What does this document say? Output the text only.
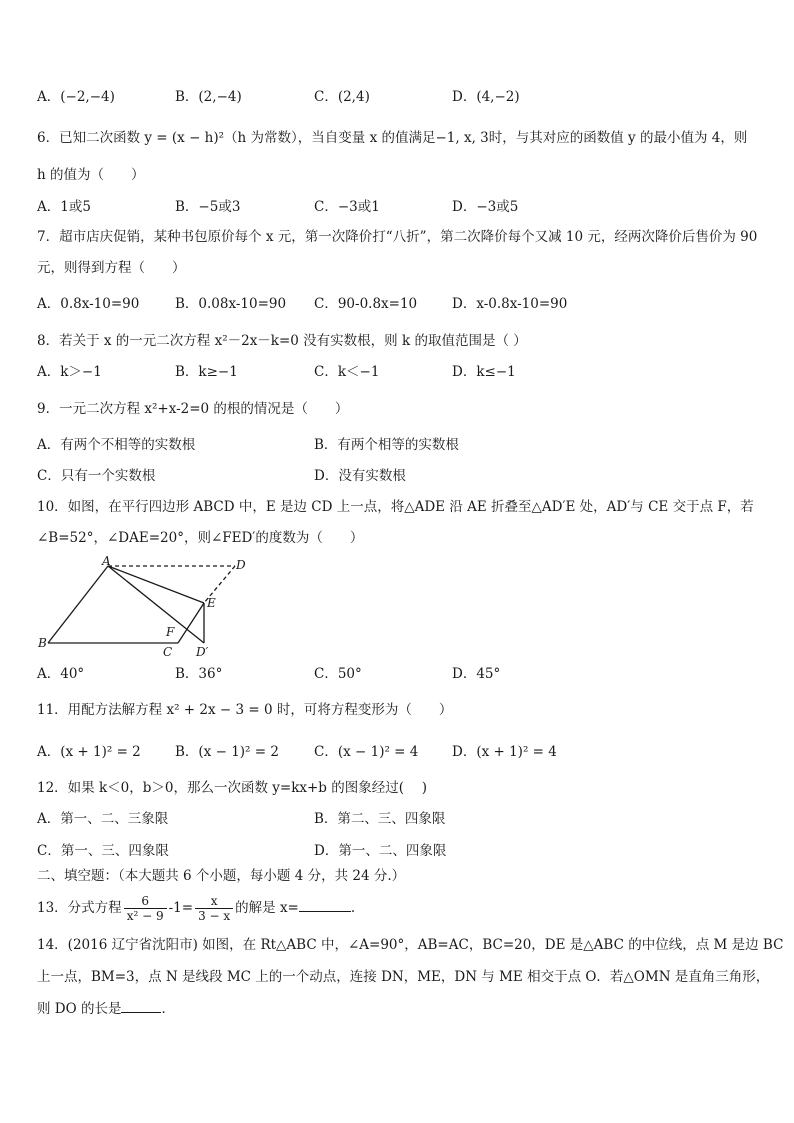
A．(−2,−4)	B．(2,−4)	C．(2,4)	D．(4,−2)
6．已知二次函数 y = (x − h)²（h 为常数），当自变量 x 的值满足−1, x, 3时，与其对应的函数值 y 的最小值为 4，则
h 的值为（　　）
A．1或5	B．−5或3	C．−3或1	D．−3或5
7．超市店庆促销，某种书包原价每个 x 元，第一次降价打“八折”，第二次降价每个又减 10 元，经两次降价后售价为 90
元，则得到方程（　　）
A．0.8x-10=90	B．0.08x-10=90 C．90-0.8x=10	D．x-0.8x-10=90
8．若关于 x 的一元二次方程 x²－2x－k=0 没有实数根，则 k 的取值范围是（ ）
A．k＞−1	B．k≥−1	C．k＜−1	D．k≤−1
9．一元二次方程 x²+x-2=0 的根的情况是（　　）
A．有两个不相等的实数根	B．有两个相等的实数根
C．只有一个实数根	D．没有实数根
10．如图，在平行四边形 ABCD 中，E 是边 CD 上一点，将△ADE 沿 AE 折叠至△AD′E 处，AD′与 CE 交于点 F，若
∠B=52°，∠DAE=20°，则∠FED′的度数为（　　）
A
B
C
D
E
F
D′
A．40°	B．36°	C．50°	D．45°
11．用配方法解方程 x² + 2x − 3 = 0 时，可将方程变形为（　　）
A．(x + 1)² = 2	B．(x − 1)² = 2	C．(x − 1)² = 4 D．(x + 1)² = 4
12．如果 k＜0，b＞0，那么一次函数 y=kx+b 的图象经过(　 )
A．第一、二、三象限	B．第二、三、四象限
C．第一、三、四象限	D．第一、二、四象限
二、填空题：（本大题共 6 个小题，每小题 4 分，共 24 分.）
13．分式方程 $\frac{6}{\text{x² − 9}} -1= \frac{x}{3 - x}$ 的解是 x=	.
14．(2016 辽宁省沈阳市) 如图，在 Rt△ABC 中，∠A=90°，AB=AC，BC=20，DE 是△ABC 的中位线，点 M 是边 BC
上一点，BM=3，点 N 是线段 MC 上的一个动点，连接 DN，ME，DN 与 ME 相交于点 O．若△OMN 是直角三角形，
则 DO 的长是	．
